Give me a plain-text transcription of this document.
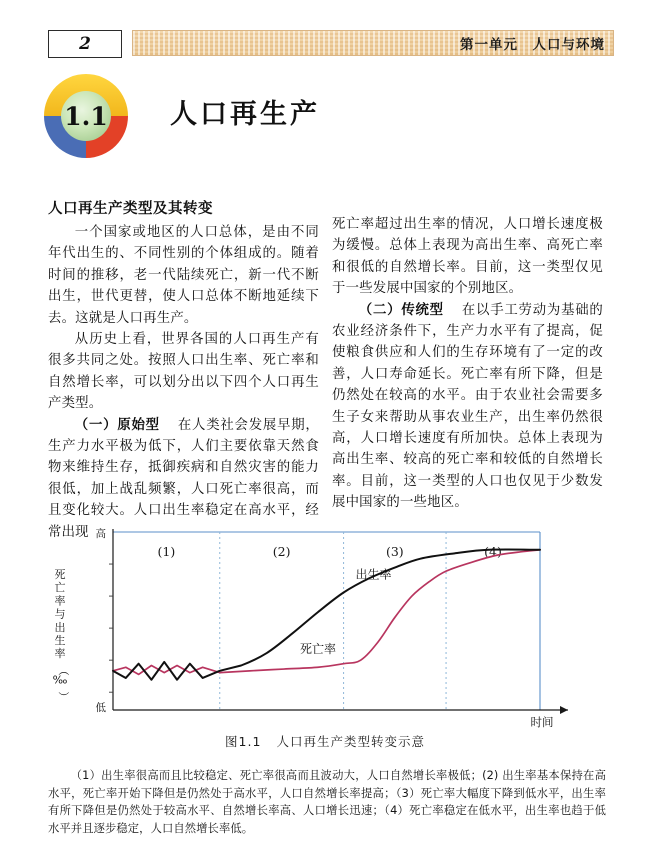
2	第一单元　人口与环境
1.1	人口再生产
人口再生产类型及其转变

一个国家或地区的人口总体，是由不同年代出生的、不同性别的个体组成的。随着时间的推移，老一代陆续死亡，新一代不断出生，世代更替，使人口总体不断地延续下去。这就是人口再生产。

从历史上看，世界各国的人口再生产有很多共同之处。按照人口出生率、死亡率和自然增长率，可以划分出以下四个人口再生产类型。

（一）原始型 在人类社会发展早期，生产力水平极为低下，人们主要依靠天然食物来维持生存，抵御疾病和自然灾害的能力很低，加上战乱频繁，人口死亡率很高，而且变化较大。人口出生率稳定在高水平，经常出现

死亡率超过出生率的情况，人口增长速度极为缓慢。总体上表现为高出生率、高死亡率和很低的自然增长率。目前，这一类型仅见于一些发展中国家的个别地区。

（二）传统型 在以手工劳动为基础的农业经济条件下，生产力水平有了提高，促使粮食供应和人们的生存环境有了一定的改善，人口寿命延长。死亡率有所下降，但是仍然处在较高的水平。由于农业社会需要多生子女来帮助从事农业生产，出生率仍然很高，人口增长速度有所加快。总体上表现为高出生率、较高的死亡率和较低的自然增长率。目前，这一类型的人口也仅见于少数发展中国家的一些地区。

(1)	(2)	(3)	(4)
出生率
死亡率
高
低
时间
死
亡
率
与
出
生
率
（
‰
）
图1.1 人口再生产类型转变示意
（1）出生率很高而且比较稳定、死亡率很高而且波动大，人口自然增长率极低；(2) 出生率基本保持在高水平，死亡率开始下降但是仍然处于高水平，人口自然增长率提高；（3）死亡率大幅度下降到低水平，出生率有所下降但是仍然处于较高水平、自然增长率高、人口增长迅速；（4）死亡率稳定在低水平，出生率也趋于低水平并且逐步稳定，人口自然增长率低。
